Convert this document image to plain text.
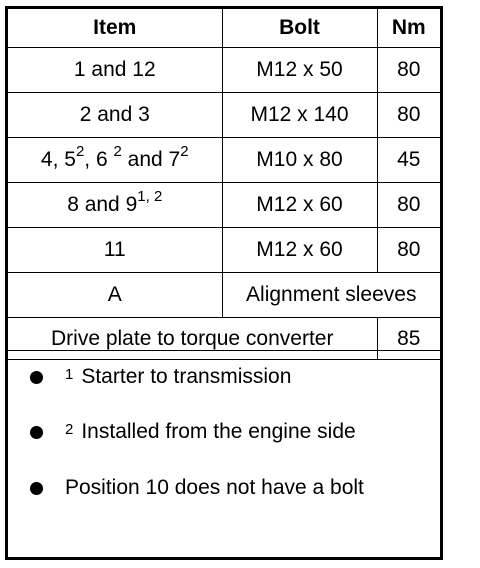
Item	Bolt	Nm
1 and 12	M12 x 50	80
2 and 3	M12 x 140	80
4, $5^2$, 6 $^2$ and $7^2$	M10 x 80	45
8 and 9$^{1, 2}$	M12 x 60	80
11	M12 x 60	80
A	Alignment sleeves	
Drive plate to torque converter		85
$^1$ Starter to transmission
$^2$ Installed from the engine side
Position 10 does not have a bolt
